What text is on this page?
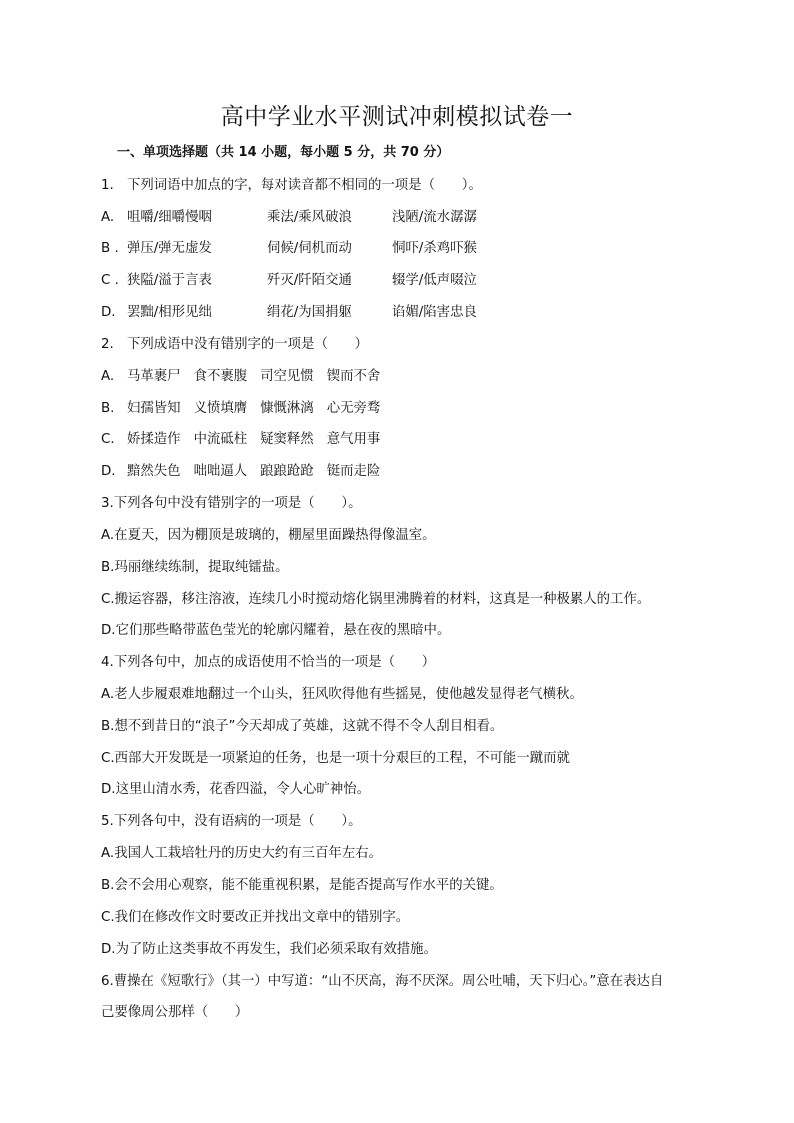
高中学业水平测试冲刺模拟试卷一
一、单项选择题（共 14 小题，每小题 5 分，共 70 分）
1. 下列词语中加点的字，每对读音都不相同的一项是（　　）。
A. 咀嚼/细嚼慢咽	乘法/乘风破浪	浅陋/流水潺潺
B . 弹压/弹无虚发	伺候/伺机而动	恫吓/杀鸡吓猴
C . 狭隘/溢于言表	歼灭/阡陌交通	辍学/低声啜泣
D. 罢黜/相形见绌	绢花/为国捐躯	谄媚/陷害忠良
2. 下列成语中没有错别字的一项是（　　）
A. 马革裹尸 食不裹腹 司空见惯 锲而不舍
B. 妇孺皆知 义愤填膺 慷慨淋漓 心无旁骛
C. 娇揉造作 中流砥柱 疑窦释然 意气用事
D. 黯然失色 咄咄逼人 踉踉跄跄 铤而走险
3.下列各句中没有错别字的一项是（　　）。
A.在夏天，因为棚顶是玻璃的，棚屋里面躁热得像温室。
B.玛丽继续练制，提取纯镭盐。
C.搬运容器，移注溶液，连续几小时搅动熔化锅里沸腾着的材料，这真是一种极累人的工作。
D.它们那些略带蓝色莹光的轮廓闪耀着，悬在夜的黑暗中。
4.下列各句中，加点的成语使用不恰当的一项是（　　）
A.老人步履艰难地翻过一个山头，狂风吹得他有些摇晃，使他越发显得老气横秋。
B.想不到昔日的“浪子”今天却成了英雄，这就不得不令人刮目相看。
C.西部大开发既是一项紧迫的任务，也是一项十分艰巨的工程，不可能一蹴而就
D.这里山清水秀，花香四溢，令人心旷神怡。
5.下列各句中，没有语病的一项是（　　）。
A.我国人工栽培牡丹的历史大约有三百年左右。
B.会不会用心观察，能不能重视积累，是能否提高写作水平的关键。
C.我们在修改作文时要改正并找出文章中的错别字。
D.为了防止这类事故不再发生，我们必须采取有效措施。
6.曹操在《短歌行》（其一）中写道：“山不厌高，海不厌深。周公吐哺，天下归心。”意在表达自
己要像周公那样（　　）
